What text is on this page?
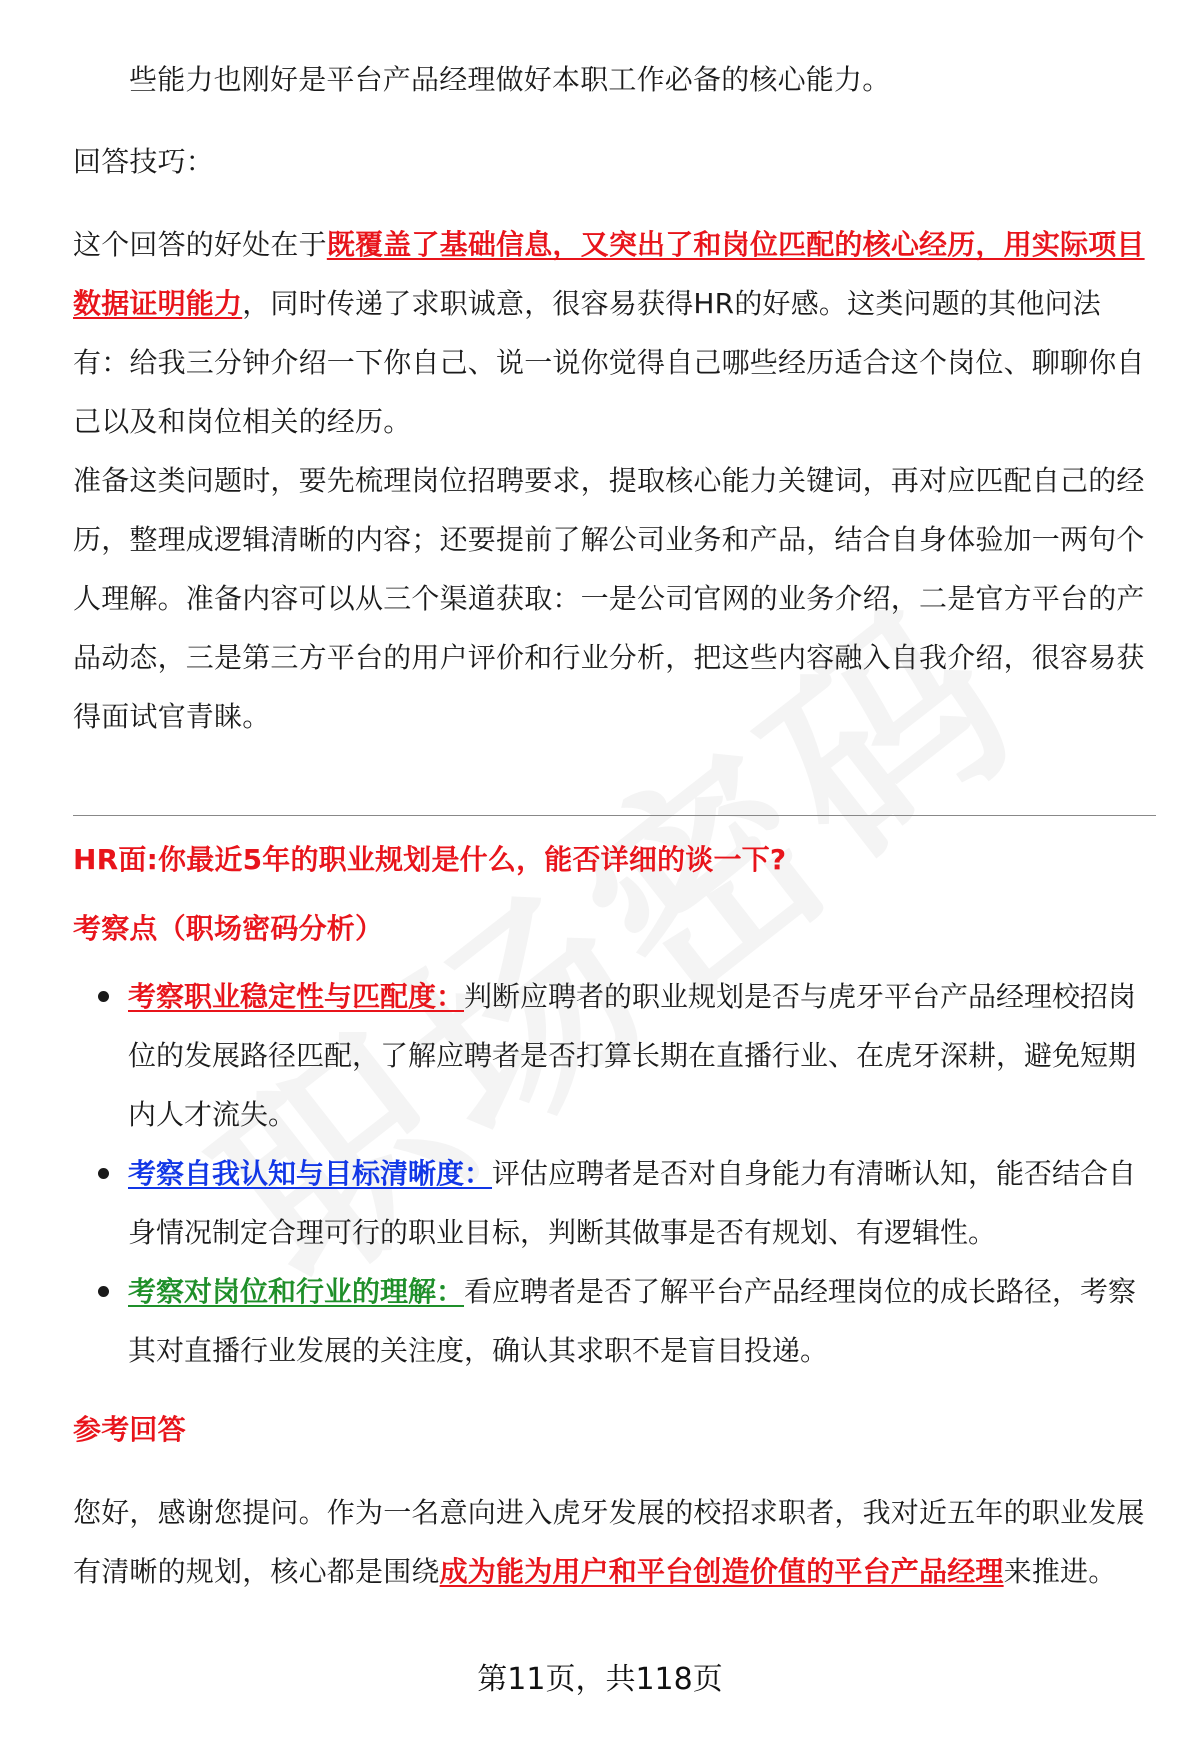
些能力也刚好是平台产品经理做好本职工作必备的核心能力。

回答技巧：

这个回答的好处在于既覆盖了基础信息，又突出了和岗位匹配的核心经历，用实际项目数据证明能力，同时传递了求职诚意，很容易获得HR的好感。这类问题的其他问法有：给我三分钟介绍一下你自己、说一说你觉得自己哪些经历适合这个岗位、聊聊你自己以及和岗位相关的经历。

准备这类问题时，要先梳理岗位招聘要求，提取核心能力关键词，再对应匹配自己的经历，整理成逻辑清晰的内容；还要提前了解公司业务和产品，结合自身体验加一两句个人理解。准备内容可以从三个渠道获取：一是公司官网的业务介绍，二是官方平台的产品动态，三是第三方平台的用户评价和行业分析，把这些内容融入自我介绍，很容易获得面试官青睐。

HR面:你最近5年的职业规划是什么，能否详细的谈一下?

考察点（职场密码分析）

考察职业稳定性与匹配度：判断应聘者的职业规划是否与虎牙平台产品经理校招岗位的发展路径匹配，了解应聘者是否打算长期在直播行业、在虎牙深耕，避免短期内人才流失。
考察自我认知与目标清晰度：评估应聘者是否对自身能力有清晰认知，能否结合自身情况制定合理可行的职业目标，判断其做事是否有规划、有逻辑性。
考察对岗位和行业的理解：看应聘者是否了解平台产品经理岗位的成长路径，考察其对直播行业发展的关注度，确认其求职不是盲目投递。

参考回答

您好，感谢您提问。作为一名意向进入虎牙发展的校招求职者，我对近五年的职业发展有清晰的规划，核心都是围绕成为能为用户和平台创造价值的平台产品经理来推进。

第11页，共118页
